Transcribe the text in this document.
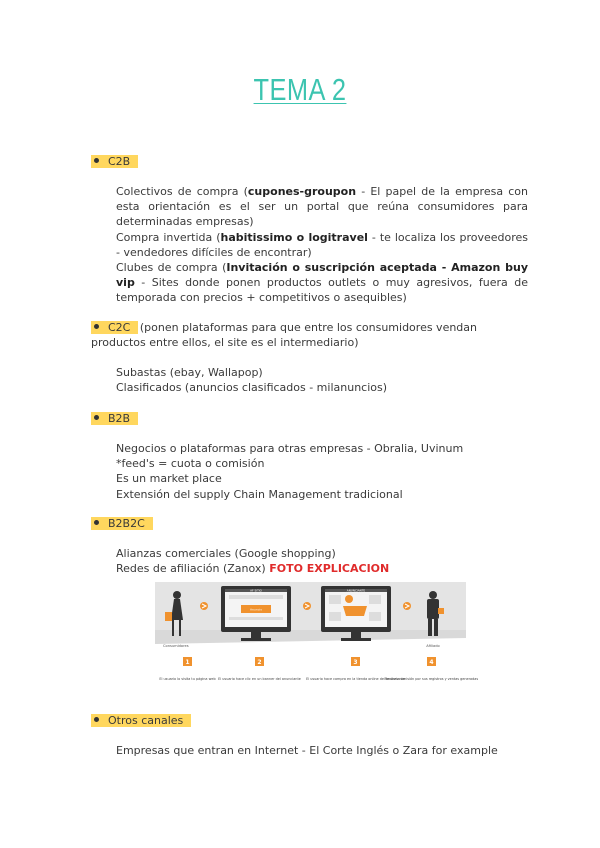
TEMA 2
C2B
Colectivos de compra (cupones-groupon - El papel de la empresa con esta orientación es el ser un portal que reúna consumidores para determinadas empresas)
Compra invertida (habitissimo o logitravel - te localiza los proveedores - vendedores difíciles de encontrar)
Clubes de compra (Invitación o suscripción aceptada - Amazon buy vip - Sites donde ponen productos outlets o muy agresivos, fuera de temporada con precios + competitivos o asequibles)
C2C (ponen plataformas para que entre los consumidores vendan productos entre ellos, el site es el intermediario)
Subastas (ebay, Wallapop)
Clasificados (anuncios clasificados - milanuncios)
B2B
Negocios o plataformas para otras empresas - Obralia, Uvinum
*feed's = cuota o comisión
Es un market place
Extensión del supply Chain Management tradicional
B2B2C
Alianzas comerciales (Google shopping)
Redes de afiliación (Zanox) FOTO EXPLICACION
Consumidores
AF SITIO
Anuncio
ANUNCIANTE
Afiliado
1
El usuario lo visita tu página web
2
El usuario hace clic en un banner del anunciante
3
El usuario hace compra en la tienda online del anunciante
4
Recibes comisión por sus registros y ventas generadas
Otros canales
Empresas que entran en Internet - El Corte Inglés o Zara for example
